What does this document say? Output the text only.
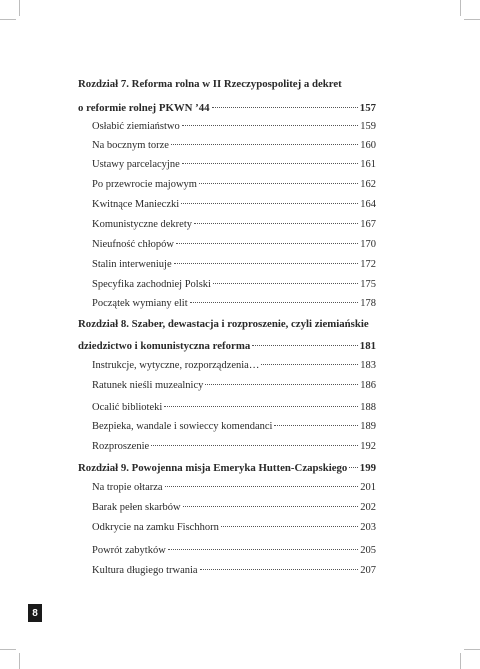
Rozdział 7. Reforma rolna w II Rzeczypospolitej a dekret
o reformie rolnej PKWN ’44	157
Osłabić ziemiaństwo	159
Na bocznym torze	160
Ustawy parcelacyjne	161
Po przewrocie majowym	162
Kwitnące Manieczki	164
Komunistyczne dekrety	167
Nieufność chłopów	170
Stalin interweniuje	172
Specyfika zachodniej Polski	175
Początek wymiany elit	178
Rozdział 8. Szaber, dewastacja i rozproszenie, czyli ziemiańskie
dziedzictwo i komunistyczna reforma	181
Instrukcje, wytyczne, rozporządzenia…	183
Ratunek nieśli muzealnicy	186
Ocalić biblioteki	188
Bezpieka, wandale i sowieccy komendanci	189
Rozproszenie	192
Rozdział 9. Powojenna misja Emeryka Hutten-Czapskiego 199
Na tropie ołtarza	201
Barak pełen skarbów	202
Odkrycie na zamku Fischhorn	203
Powrót zabytków	205
Kultura długiego trwania	207
8
